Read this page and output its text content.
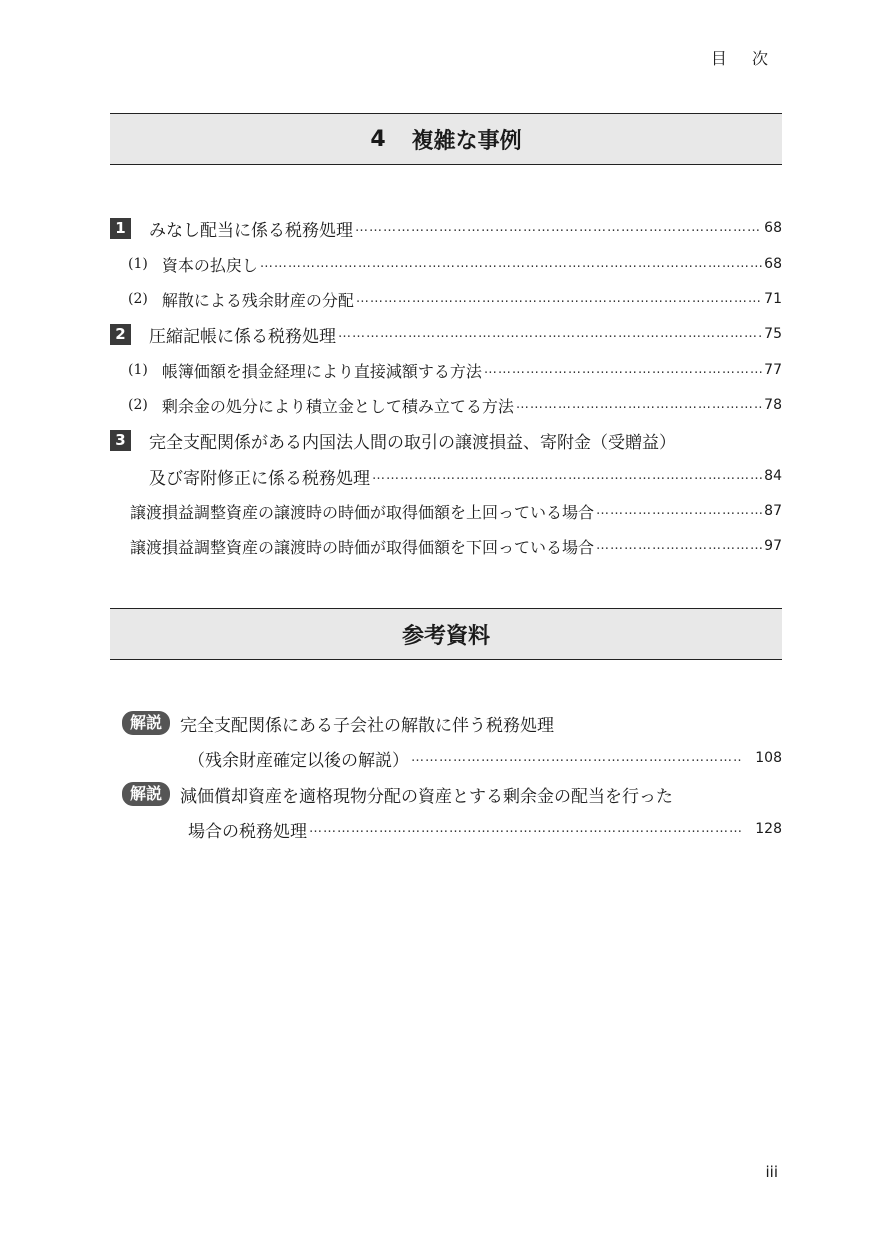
目 次
4 複雑な事例
1	みなし配当に係る税務処理 ……………………………………………………………………………………………………………………………………………………	68
(1) 資本の払戻し ……………………………………………………………………………………………………………………………………………………	68
(2) 解散による残余財産の分配 ……………………………………………………………………………………………………………………………………………………	71
2	圧縮記帳に係る税務処理 ……………………………………………………………………………………………………………………………………………………	75
(1) 帳簿価額を損金経理により直接減額する方法 ……………………………………………………………………………………………………………………………………………………	77
(2) 剰余金の処分により積立金として積み立てる方法 ……………………………………………………………………………………………………………………………………………………	78
3	完全支配関係がある内国法人間の取引の譲渡損益、寄附金（受贈益）
及び寄附修正に係る税務処理 ……………………………………………………………………………………………………………………………………………………	84
譲渡損益調整資産の譲渡時の時価が取得価額を上回っている場合 ……………………………………………………………………………………………………………………………………………………	87
譲渡損益調整資産の譲渡時の時価が取得価額を下回っている場合 ……………………………………………………………………………………………………………………………………………………	97
参考資料
解説	完全支配関係にある子会社の解散に伴う税務処理
（残余財産確定以後の解説） ……………………………………………………………………………………………………………………………………………………	108
解説	減価償却資産を適格現物分配の資産とする剰余金の配当を行った
場合の税務処理 ……………………………………………………………………………………………………………………………………………………	128
iii
